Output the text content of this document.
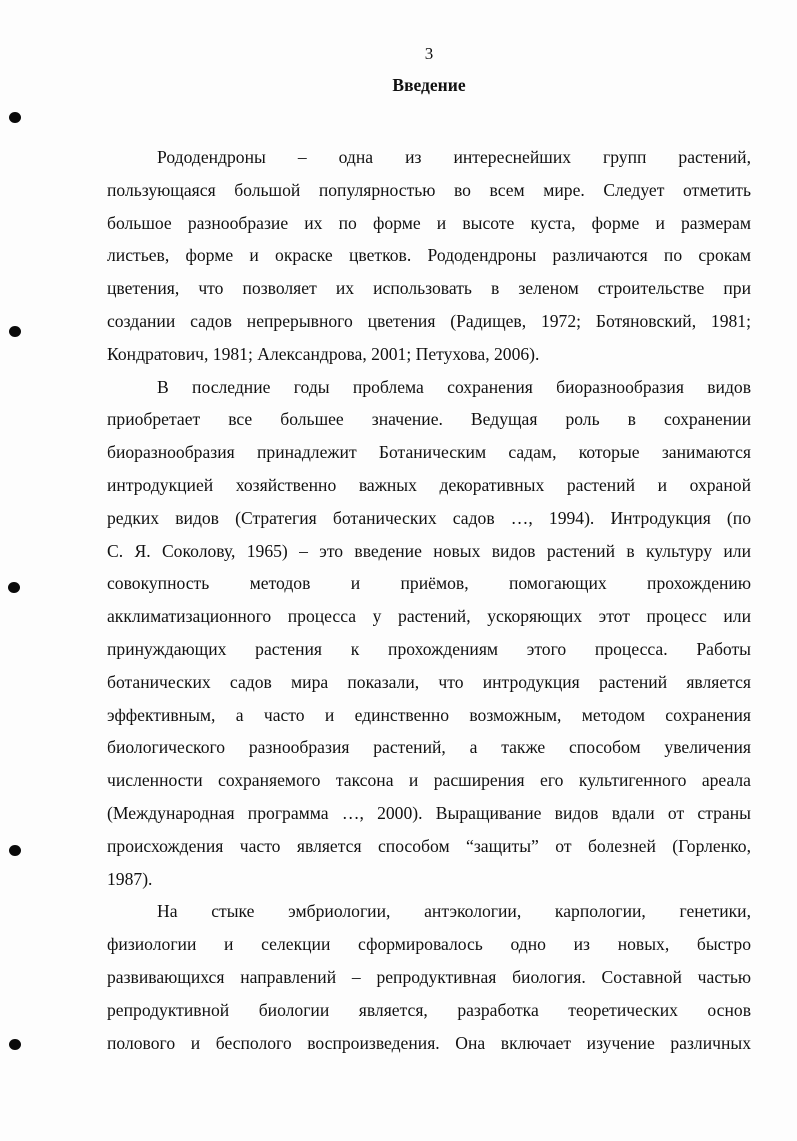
3
Введение
Рододендроны – одна из интереснейших групп растений,
пользующаяся большой популярностью во всем мире. Следует отметить
большое разнообразие их по форме и высоте куста, форме и размерам
листьев, форме и окраске цветков. Рододендроны различаются по срокам
цветения, что позволяет их использовать в зеленом строительстве при
создании садов непрерывного цветения (Радищев, 1972; Ботяновский, 1981;
Кондратович, 1981; Александрова, 2001; Петухова, 2006).
В последние годы проблема сохранения биоразнообразия видов
приобретает все большее значение. Ведущая роль в сохранении
биоразнообразия принадлежит Ботаническим садам, которые занимаются
интродукцией хозяйственно важных декоративных растений и охраной
редких видов (Стратегия ботанических садов …, 1994). Интродукция (по
С. Я. Соколову, 1965) – это введение новых видов растений в культуру или
совокупность методов и приёмов, помогающих прохождению
акклиматизационного процесса у растений, ускоряющих этот процесс или
принуждающих растения к прохождениям этого процесса. Работы
ботанических садов мира показали, что интродукция растений является
эффективным, а часто и единственно возможным, методом сохранения
биологического разнообразия растений, а также способом увеличения
численности сохраняемого таксона и расширения его культигенного ареала
(Международная программа …, 2000). Выращивание видов вдали от страны
происхождения часто является способом “защиты” от болезней (Горленко,
1987).
На стыке эмбриологии, антэкологии, карпологии, генетики,
физиологии и селекции сформировалось одно из новых, быстро
развивающихся направлений – репродуктивная биология. Составной частью
репродуктивной биологии является, разработка теоретических основ
полового и бесполого воспроизведения. Она включает изучение различных
